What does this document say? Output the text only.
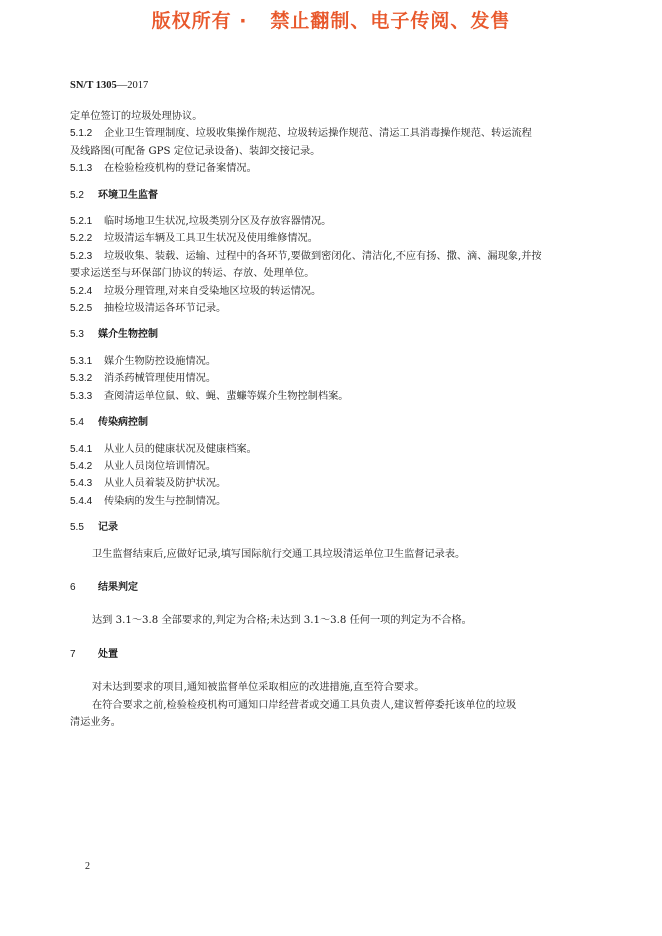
版权所有 ·   禁止翻制、电子传阅、发售
SN/T 1305—2017

定单位签订的垃圾处理协议。

5.1.2 企业卫生管理制度、垃圾收集操作规范、垃圾转运操作规范、清运工具消毒操作规范、转运流程

及线路图(可配备 GPS 定位记录设备)、装卸交接记录。

5.1.3 在检验检疫机构的登记备案情况。

5.2 环境卫生监督

5.2.1 临时场地卫生状况,垃圾类别分区及存放容器情况。

5.2.2 垃圾清运车辆及工具卫生状况及使用维修情况。

5.2.3 垃圾收集、装载、运输、过程中的各环节,要做到密闭化、清洁化,不应有扬、撒、滴、漏现象,并按

要求运送至与环保部门协议的转运、存放、处理单位。

5.2.4 垃圾分理管理,对来自受染地区垃圾的转运情况。

5.2.5 抽检垃圾清运各环节记录。

5.3 媒介生物控制

5.3.1 媒介生物防控设施情况。

5.3.2 消杀药械管理使用情况。

5.3.3 查阅清运单位鼠、蚊、蝇、蜚蠊等媒介生物控制档案。

5.4 传染病控制

5.4.1 从业人员的健康状况及健康档案。

5.4.2 从业人员岗位培训情况。

5.4.3 从业人员着装及防护状况。

5.4.4 传染病的发生与控制情况。

5.5 记录

卫生监督结束后,应做好记录,填写国际航行交通工具垃圾清运单位卫生监督记录表。

6 结果判定

达到 3.1～3.8 全部要求的,判定为合格;未达到 3.1～3.8 任何一项的判定为不合格。

7 处置

对未达到要求的项目,通知被监督单位采取相应的改进措施,直至符合要求。

在符合要求之前,检验检疫机构可通知口岸经营者或交通工具负责人,建议暂停委托该单位的垃圾

清运业务。

2
